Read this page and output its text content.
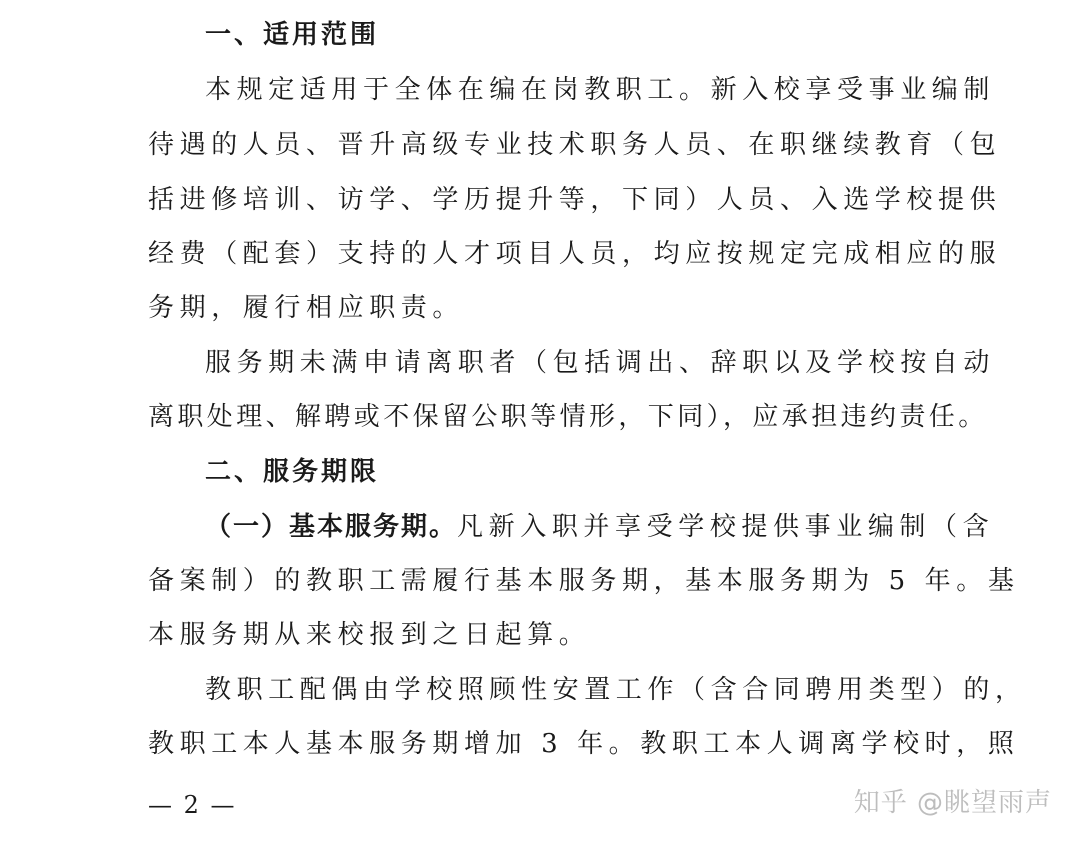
一、适用范围
本规定适用于全体在编在岗教职工。新入校享受事业编制
待遇的人员、晋升高级专业技术职务人员、在职继续教育（包
括进修培训、访学、学历提升等，下同）人员、入选学校提供
经费（配套）支持的人才项目人员，均应按规定完成相应的服
务期，履行相应职责。
服务期未满申请离职者（包括调出、辞职以及学校按自动
离职处理、解聘或不保留公职等情形，下同），应承担违约责任。
二、服务期限
（一）基本服务期。凡新入职并享受学校提供事业编制（含
备案制）的教职工需履行基本服务期，基本服务期为 5 年。基
本服务期从来校报到之日起算。
教职工配偶由学校照顾性安置工作（含合同聘用类型）的，
教职工本人基本服务期增加 3 年。教职工本人调离学校时，照
— 2 —	知乎 @眺望雨声
